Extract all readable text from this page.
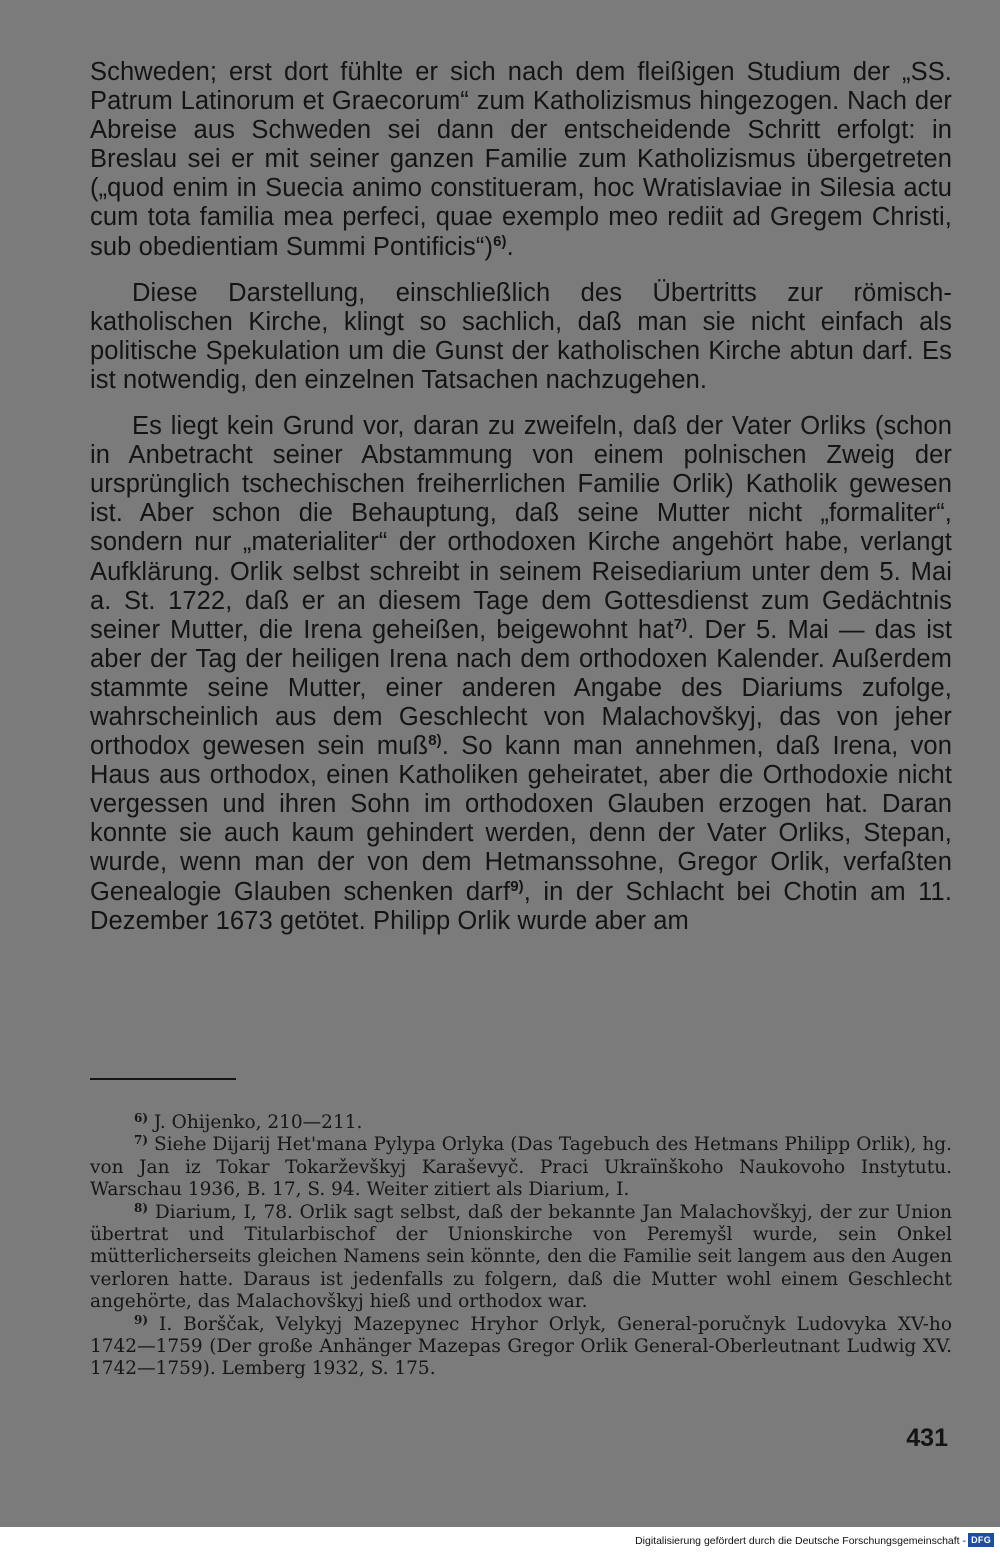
Schweden; erst dort fühlte er sich nach dem fleißigen Studium der „SS. Patrum Latinorum et Graecorum“ zum Katholizismus hingezogen. Nach der Abreise aus Schweden sei dann der entscheidende Schritt erfolgt: in Breslau sei er mit seiner ganzen Familie zum Katholizismus übergetreten („quod enim in Suecia animo constitueram, hoc Wratislaviae in Silesia actu cum tota familia mea perfeci, quae exemplo meo rediit ad Gregem Christi, sub obedientiam Summi Pontificis“)$^{6)}$.

Diese Darstellung, einschließlich des Übertritts zur römisch-katholischen Kirche, klingt so sachlich, daß man sie nicht einfach als politische Spekulation um die Gunst der katholischen Kirche abtun darf. Es ist notwendig, den einzelnen Tatsachen nachzugehen.

Es liegt kein Grund vor, daran zu zweifeln, daß der Vater Orliks (schon in Anbetracht seiner Abstammung von einem polnischen Zweig der ursprünglich tschechischen freiherrlichen Familie Orlik) Katholik gewesen ist. Aber schon die Behauptung, daß seine Mutter nicht „formaliter“, sondern nur „materialiter“ der orthodoxen Kirche angehört habe, verlangt Aufklärung. Orlik selbst schreibt in seinem Reisediarium unter dem 5. Mai a. St. 1722, daß er an diesem Tage dem Gottesdienst zum Gedächtnis seiner Mutter, die Irena geheißen, beigewohnt hat$^{7)}$. Der 5. Mai — das ist aber der Tag der heiligen Irena nach dem orthodoxen Kalender. Außerdem stammte seine Mutter, einer anderen Angabe des Diariums zufolge, wahrscheinlich aus dem Geschlecht von Malachovškyj, das von jeher orthodox gewesen sein muß$^{8)}$. So kann man annehmen, daß Irena, von Haus aus orthodox, einen Katholiken geheiratet, aber die Orthodoxie nicht vergessen und ihren Sohn im orthodoxen Glauben erzogen hat. Daran konnte sie auch kaum gehindert werden, denn der Vater Orliks, Stepan, wurde, wenn man der von dem Hetmanssohne, Gregor Orlik, verfaßten Genealogie Glauben schenken darf$^{9)}$, in der Schlacht bei Chotin am 11. Dezember 1673 getötet. Philipp Orlik wurde aber am

$^{6)}$ J. Ohijenko, 210—211.

$^{7)}$ Siehe Dijarij Het'mana Pylypa Orlyka (Das Tagebuch des Hetmans Philipp Orlik), hg. von Jan iz Tokar Tokarževškyj Karaševyč. Praci Ukraïnškoho Naukovoho Instytutu. Warschau 1936, B. 17, S. 94. Weiter zitiert als Diarium, I.

$^{8)}$ Diarium, I, 78. Orlik sagt selbst, daß der bekannte Jan Malachovškyj, der zur Union übertrat und Titularbischof der Unionskirche von Peremyšl wurde, sein Onkel mütterlicherseits gleichen Namens sein könnte, den die Familie seit langem aus den Augen verloren hatte. Daraus ist jedenfalls zu folgern, daß die Mutter wohl einem Geschlecht angehörte, das Malachovškyj hieß und orthodox war.

$^{9)}$ I. Borščak, Velykyj Mazepynec Hryhor Orlyk, General-poručnyk Ludovyka XV-ho 1742—1759 (Der große Anhänger Mazepas Gregor Orlik General-Oberleutnant Ludwig XV. 1742—1759). Lemberg 1932, S. 175.

431
Digitalisierung gefördert durch die Deutsche Forschungsgemeinschaft - DFG
